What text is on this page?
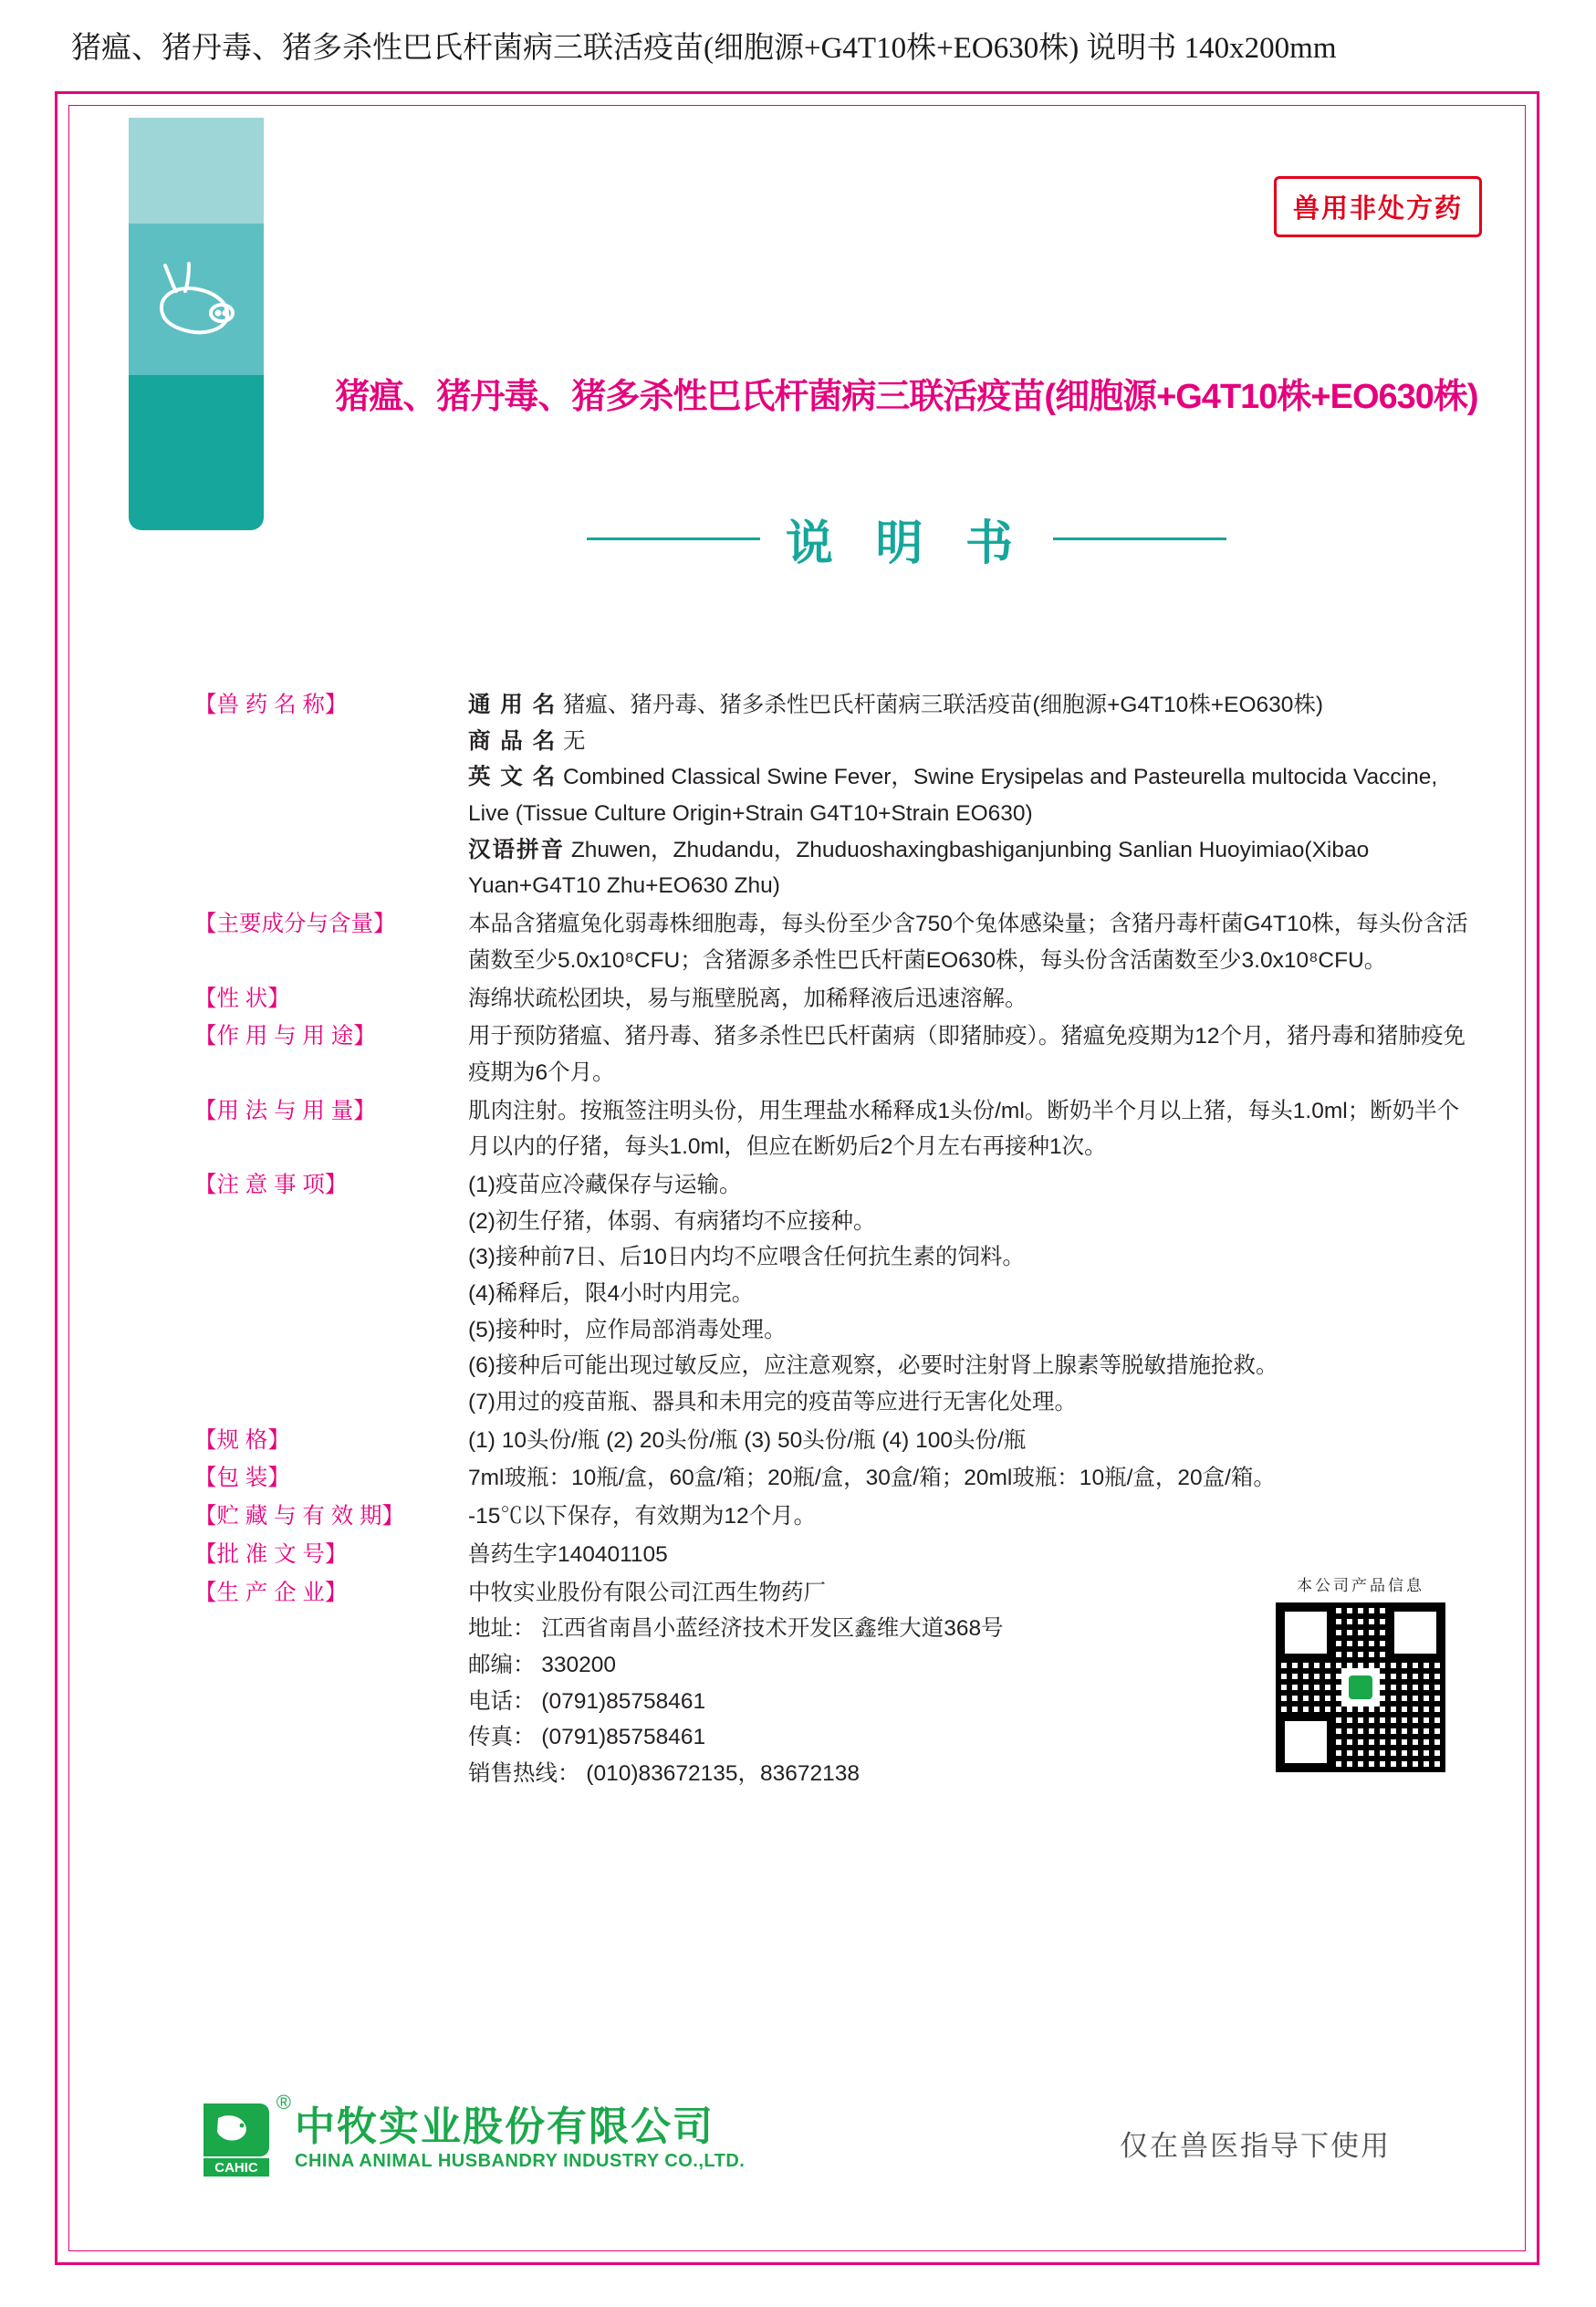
猪瘟、猪丹毒、猪多杀性巴氏杆菌病三联活疫苗(细胞源+G4T10株+EO630株) 说明书 140x200mm
兽用非处方药
猪瘟、猪丹毒、猪多杀性巴氏杆菌病三联活疫苗(细胞源+G4T10株+EO630株)
说 明 书
【兽 药 名 称】	通 用 名 猪瘟、猪丹毒、猪多杀性巴氏杆菌病三联活疫苗(细胞源+G4T10株+EO630株)

商 品 名 无

英 文 名 Combined Classical Swine Fever，Swine Erysipelas and Pasteurella multocida Vaccine, Live (Tissue Culture Origin+Strain G4T10+Strain EO630)

汉语拼音 Zhuwen，Zhudandu，Zhuduoshaxingbashiganjunbing Sanlian Huoyimiao(Xibao Yuan+G4T10 Zhu+EO630 Zhu)

【主要成分与含量】	本品含猪瘟兔化弱毒株细胞毒，每头份至少含750个兔体感染量；含猪丹毒杆菌G4T10株，每头份含活菌数至少5.0x10⁸CFU；含猪源多杀性巴氏杆菌EO630株，每头份含活菌数至少3.0x10⁸CFU。
【性 状】	海绵状疏松团块，易与瓶壁脱离，加稀释液后迅速溶解。
【作 用 与 用 途】	用于预防猪瘟、猪丹毒、猪多杀性巴氏杆菌病（即猪肺疫）。猪瘟免疫期为12个月，猪丹毒和猪肺疫免疫期为6个月。
【用 法 与 用 量】	肌肉注射。按瓶签注明头份，用生理盐水稀释成1头份/ml。断奶半个月以上猪，每头1.0ml；断奶半个月以内的仔猪，每头1.0ml，但应在断奶后2个月左右再接种1次。
【注 意 事 项】	(1)疫苗应冷藏保存与运输。

(2)初生仔猪，体弱、有病猪均不应接种。

(3)接种前7日、后10日内均不应喂含任何抗生素的饲料。

(4)稀释后，限4小时内用完。

(5)接种时，应作局部消毒处理。

(6)接种后可能出现过敏反应，应注意观察，必要时注射肾上腺素等脱敏措施抢救。

(7)用过的疫苗瓶、器具和未用完的疫苗等应进行无害化处理。

【规 格】	(1) 10头份/瓶 (2) 20头份/瓶 (3) 50头份/瓶 (4) 100头份/瓶
【包 装】	7ml玻瓶：10瓶/盒，60盒/箱；20瓶/盒，30盒/箱；20ml玻瓶：10瓶/盒，20盒/箱。
【贮 藏 与 有 效 期】	-15℃以下保存，有效期为12个月。
【批 准 文 号】	兽药生字140401105
【生 产 企 业】	中牧实业股份有限公司江西生物药厂

地址： 江西省南昌小蓝经济技术开发区鑫维大道368号

邮编： 330200

电话： (0791)85758461

传真： (0791)85758461

销售热线： (010)83672135，83672138

本公司产品信息
CAHIC
®
中牧实业股份有限公司
CHINA ANIMAL HUSBANDRY INDUSTRY CO.,LTD.	仅在兽医指导下使用
